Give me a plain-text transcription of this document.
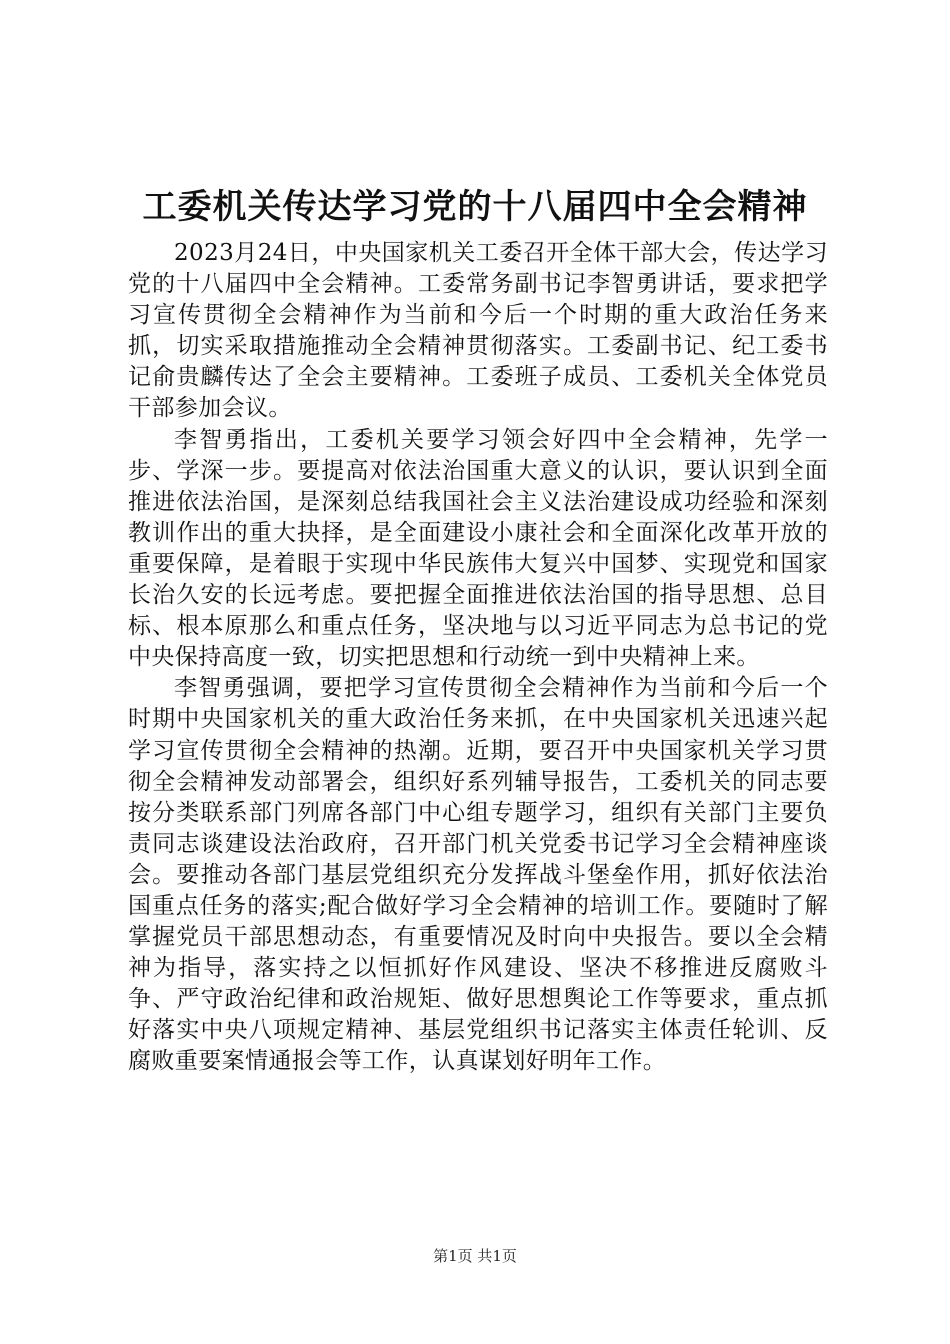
工委机关传达学习党的十八届四中全会精神

2023月24日，中央国家机关工委召开全体干部大会，传达学习党的十八届四中全会精神。工委常务副书记李智勇讲话，要求把学习宣传贯彻全会精神作为当前和今后一个时期的重大政治任务来抓，切实采取措施推动全会精神贯彻落实。工委副书记、纪工委书记俞贵麟传达了全会主要精神。工委班子成员、工委机关全体党员干部参加会议。

李智勇指出，工委机关要学习领会好四中全会精神，先学一步、学深一步。要提高对依法治国重大意义的认识，要认识到全面推进依法治国，是深刻总结我国社会主义法治建设成功经验和深刻教训作出的重大抉择，是全面建设小康社会和全面深化改革开放的重要保障，是着眼于实现中华民族伟大复兴中国梦、实现党和国家长治久安的长远考虑。要把握全面推进依法治国的指导思想、总目标、根本原那么和重点任务，坚决地与以习近平同志为总书记的党中央保持高度一致，切实把思想和行动统一到中央精神上来。

李智勇强调，要把学习宣传贯彻全会精神作为当前和今后一个时期中央国家机关的重大政治任务来抓，在中央国家机关迅速兴起学习宣传贯彻全会精神的热潮。近期，要召开中央国家机关学习贯彻全会精神发动部署会，组织好系列辅导报告，工委机关的同志要按分类联系部门列席各部门中心组专题学习，组织有关部门主要负责同志谈建设法治政府，召开部门机关党委书记学习全会精神座谈会。要推动各部门基层党组织充分发挥战斗堡垒作用，抓好依法治国重点任务的落实;配合做好学习全会精神的培训工作。要随时了解掌握党员干部思想动态，有重要情况及时向中央报告。要以全会精神为指导，落实持之以恒抓好作风建设、坚决不移推进反腐败斗争、严守政治纪律和政治规矩、做好思想舆论工作等要求，重点抓好落实中央八项规定精神、基层党组织书记落实主体责任轮训、反腐败重要案情通报会等工作，认真谋划好明年工作。

第1页 共1页
